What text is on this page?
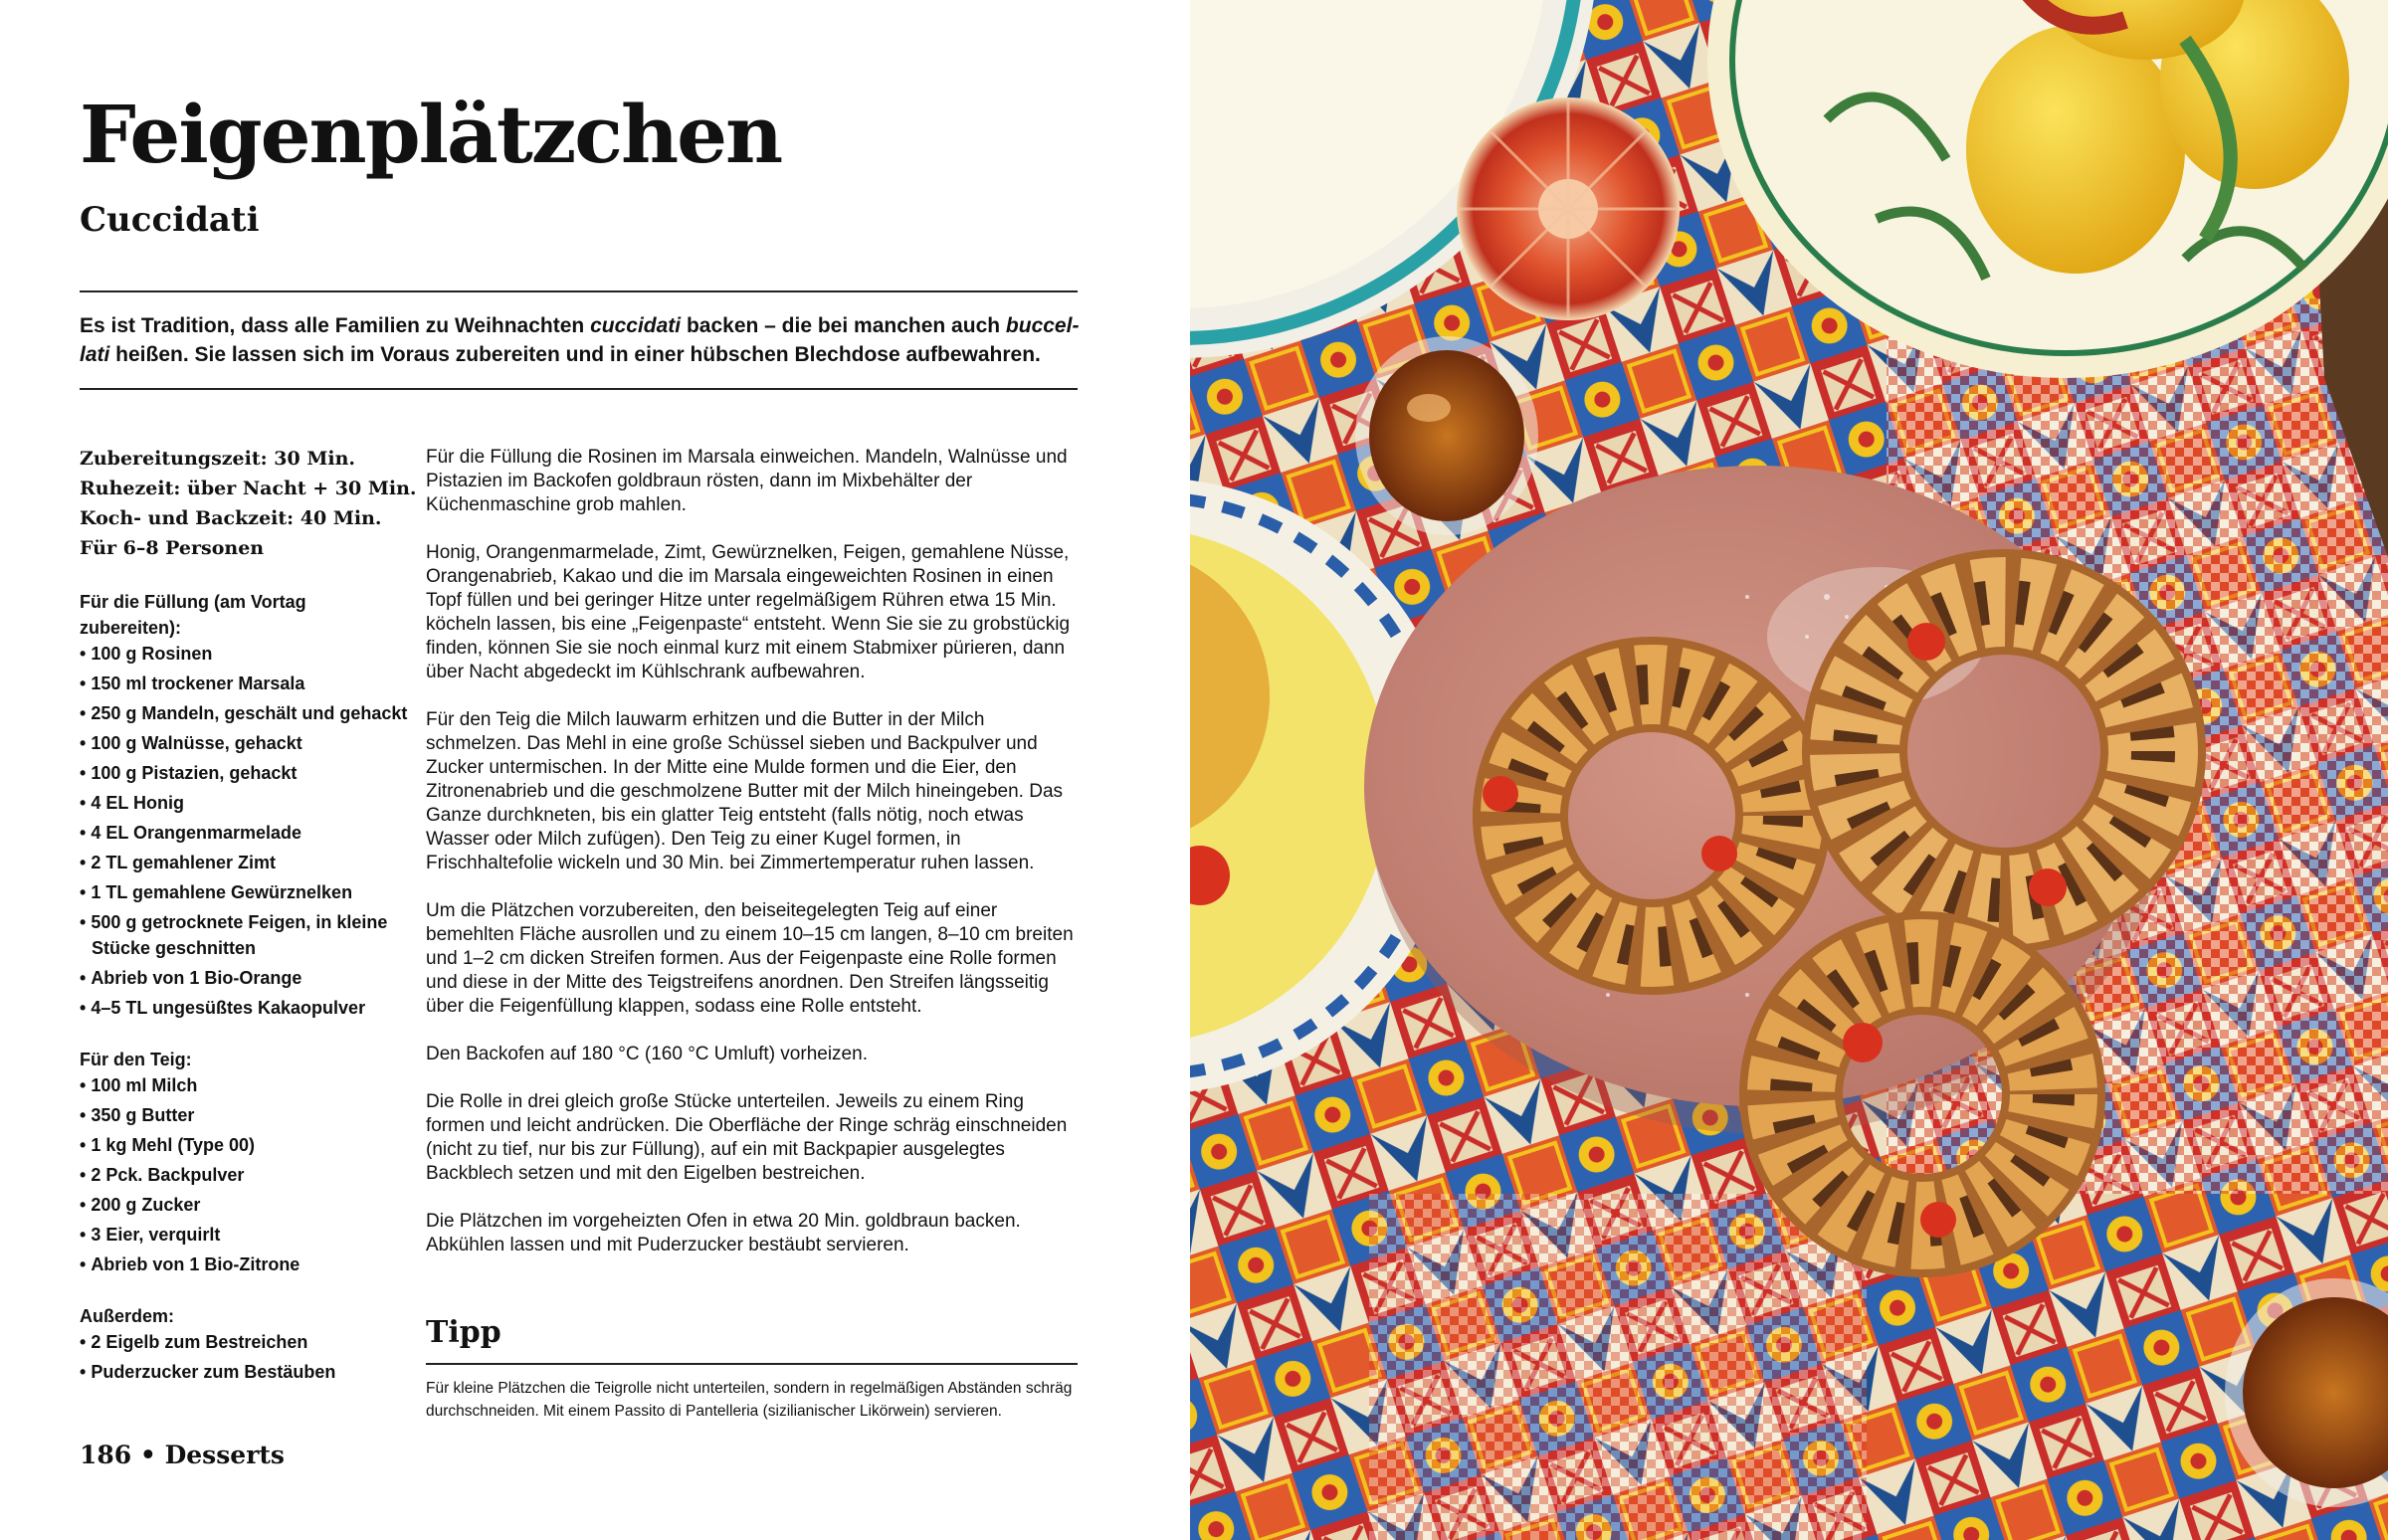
Feigenplätzchen
Cuccidati

Es ist Tradition, dass alle Familien zu Weihnachten cuccidati backen – die bei manchen auch buccel-lati heißen. Sie lassen sich im Voraus zubereiten und in einer hübschen Blechdose aufbewahren.

Zubereitungszeit: 30 Min.
Ruhezeit: über Nacht + 30 Min.
Koch- und Backzeit: 40 Min.
Für 6–8 Personen

Für die Füllung (am Vortag zubereiten):

• 100 g Rosinen
• 150 ml trockener Marsala
• 250 g Mandeln, geschält und gehackt
• 100 g Walnüsse, gehackt
• 100 g Pistazien, gehackt
• 4 EL Honig
• 4 EL Orangenmarmelade
• 2 TL gemahlener Zimt
• 1 TL gemahlene Gewürznelken
• 500 g getrocknete Feigen, in kleine Stücke geschnitten
• Abrieb von 1 Bio-Orange
• 4–5 TL ungesüßtes Kakaopulver

Für den Teig:

• 100 ml Milch
• 350 g Butter
• 1 kg Mehl (Type 00)
• 2 Pck. Backpulver
• 200 g Zucker
• 3 Eier, verquirlt
• Abrieb von 1 Bio-Zitrone

Außerdem:

• 2 Eigelb zum Bestreichen
• Puderzucker zum Bestäuben

Für die Füllung die Rosinen im Marsala einweichen. Mandeln, Walnüsse und Pistazien im Backofen goldbraun rösten, dann im Mixbehälter der Küchenmaschine grob mahlen.

Honig, Orangenmarmelade, Zimt, Gewürznelken, Feigen, gemahlene Nüsse, Orangenabrieb, Kakao und die im Marsala eingeweichten Rosinen in einen Topf füllen und bei geringer Hitze unter regelmäßigem Rühren etwa 15 Min. köcheln lassen, bis eine „Feigenpaste“ entsteht. Wenn Sie sie zu grobstückig finden, können Sie sie noch einmal kurz mit einem Stabmixer pürieren, dann über Nacht abgedeckt im Kühlschrank aufbewahren.

Für den Teig die Milch lauwarm erhitzen und die Butter in der Milch schmelzen. Das Mehl in eine große Schüssel sieben und Backpulver und Zucker untermischen. In der Mitte eine Mulde formen und die Eier, den Zitronenabrieb und die geschmolzene Butter mit der Milch hineingeben. Das Ganze durchkneten, bis ein glatter Teig entsteht (falls nötig, noch etwas Wasser oder Milch zufügen). Den Teig zu einer Kugel formen, in Frischhaltefolie wickeln und 30 Min. bei Zimmertemperatur ruhen lassen.

Um die Plätzchen vorzubereiten, den beiseitegelegten Teig auf einer bemehlten Fläche ausrollen und zu einem 10–15 cm langen, 8–10 cm breiten und 1–2 cm dicken Streifen formen. Aus der Feigenpaste eine Rolle formen und diese in der Mitte des Teigstreifens anordnen. Den Streifen längsseitig über die Feigenfüllung klappen, sodass eine Rolle entsteht.

Den Backofen auf 180 °C (160 °C Umluft) vorheizen.

Die Rolle in drei gleich große Stücke unterteilen. Jeweils zu einem Ring formen und leicht andrücken. Die Oberfläche der Ringe schräg einschneiden (nicht zu tief, nur bis zur Füllung), auf ein mit Backpapier ausgelegtes Backblech setzen und mit den Eigelben bestreichen.

Die Plätzchen im vorgeheizten Ofen in etwa 20 Min. goldbraun backen. Abkühlen lassen und mit Puderzucker bestäubt servieren.

Tipp

Für kleine Plätzchen die Teigrolle nicht unterteilen, sondern in regelmäßigen Abständen schräg durchschneiden. Mit einem Passito di Pantelleria (sizilianischer Likörwein) servieren.

186 • Desserts
